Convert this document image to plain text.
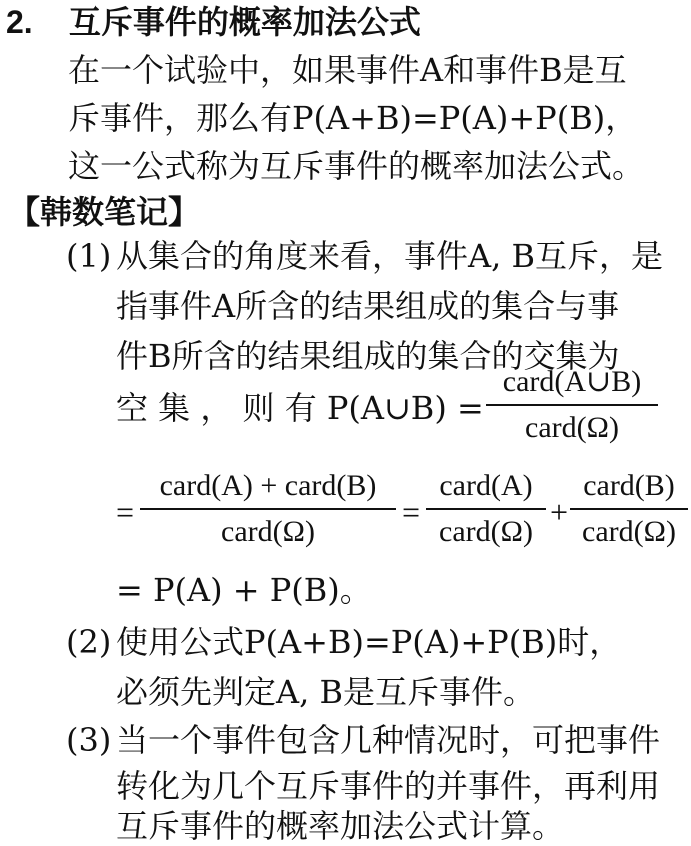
2. 互斥事件的概率加法公式
在一个试验中，如果事件A和事件B是互
斥事件，那么有P(A+B)=P(A)+P(B)，
这一公式称为互斥事件的概率加法公式。
【韩数笔记】
(1) 从集合的角度来看，事件A, B互斥，是
指事件A所含的结果组成的集合与事
件B所含的结果组成的集合的交集为
空 集 ， 则 有 P(A∪B) =
card(A∪B)
card(Ω)
=
card(A) + card(B)
card(Ω)
=
card(A)
card(Ω)
+
card(B)
card(Ω)
= P(A) + P(B)。
(2) 使用公式P(A+B)=P(A)+P(B)时，
必须先判定A, B是互斥事件。
(3) 当一个事件包含几种情况时，可把事件
转化为几个互斥事件的并事件，再利用
互斥事件的概率加法公式计算。
